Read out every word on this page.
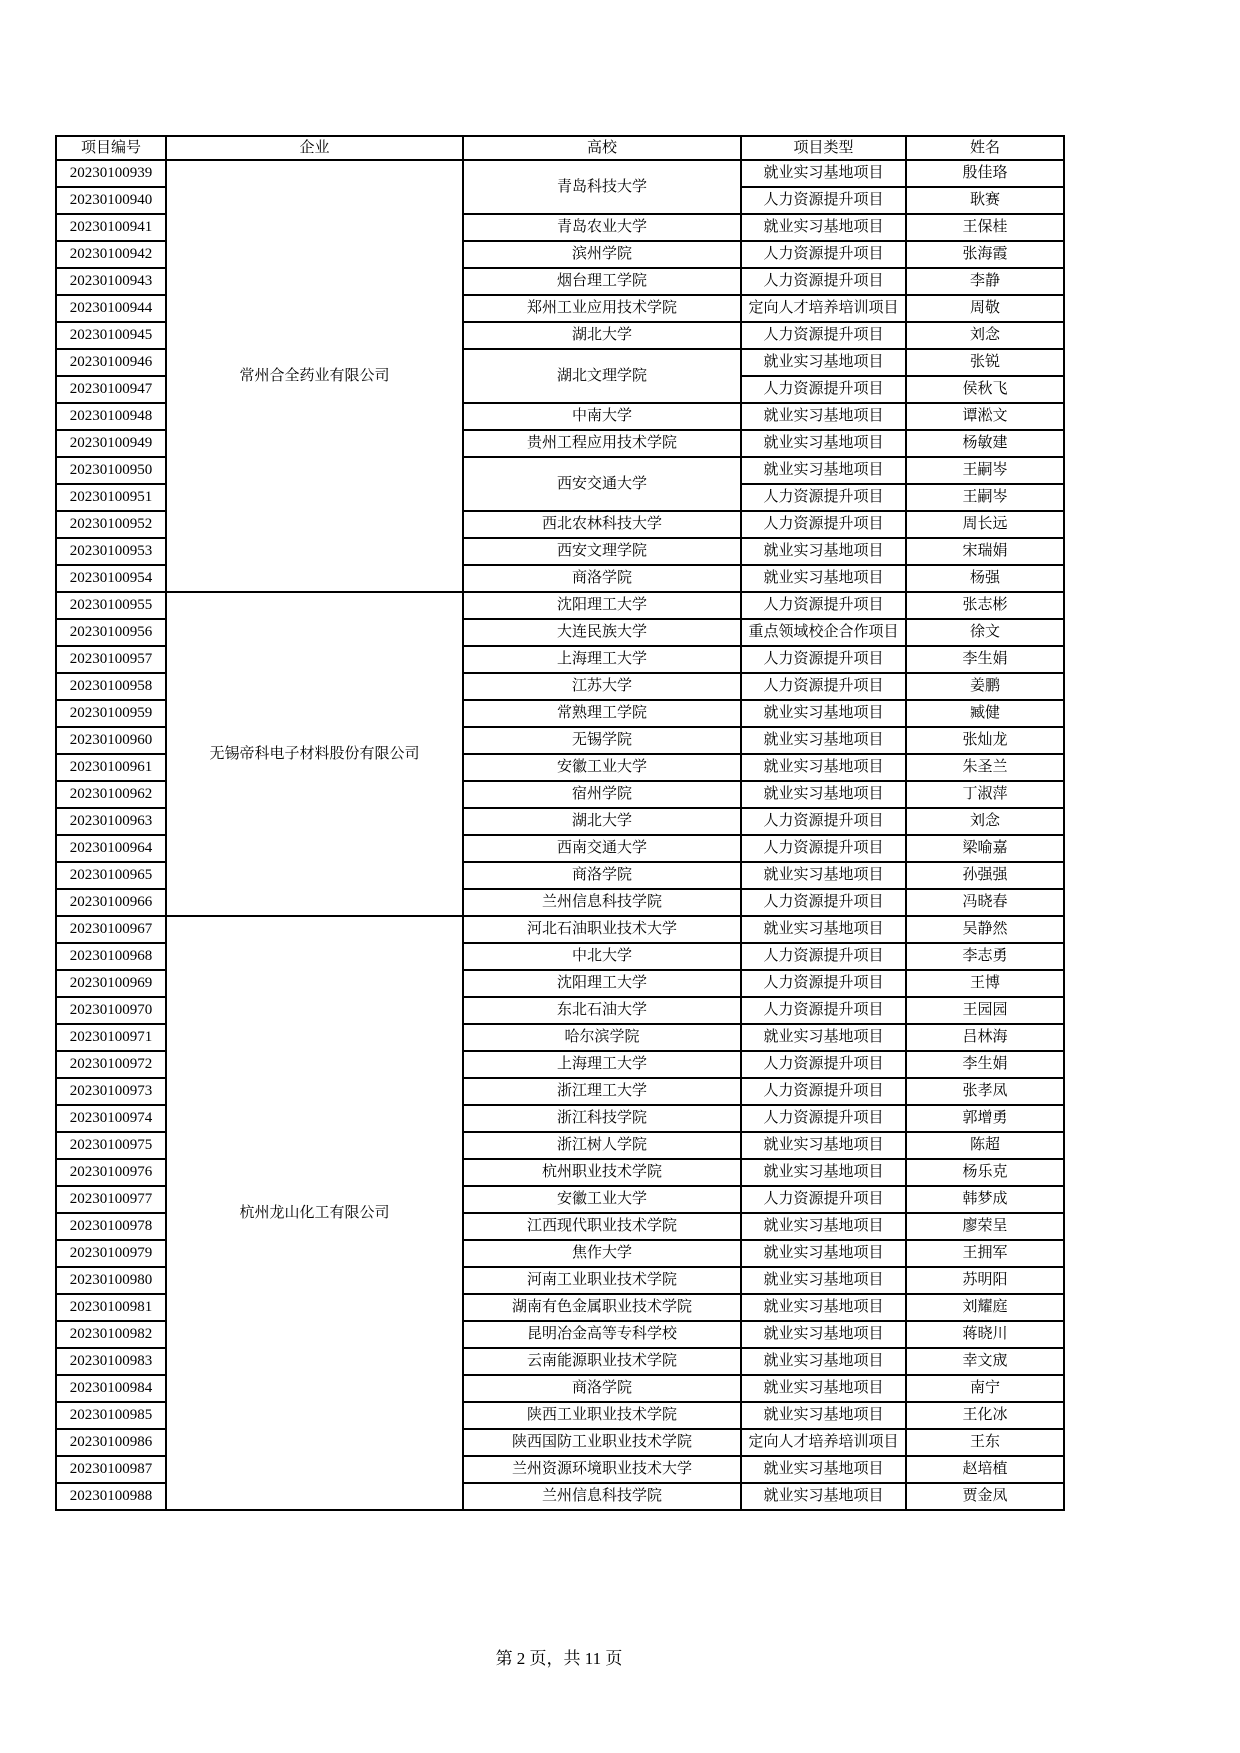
项目编号	企业	高校	项目类型	姓名
20230100939	常州合全药业有限公司	青岛科技大学	就业实习基地项目	殷佳珞
20230100940			人力资源提升项目	耿赛
20230100941		青岛农业大学	就业实习基地项目	王保桂
20230100942		滨州学院	人力资源提升项目	张海霞
20230100943		烟台理工学院	人力资源提升项目	李静
20230100944		郑州工业应用技术学院	定向人才培养培训项目	周敬
20230100945		湖北大学	人力资源提升项目	刘念
20230100946		湖北文理学院	就业实习基地项目	张锐
20230100947			人力资源提升项目	侯秋飞
20230100948		中南大学	就业实习基地项目	谭淞文
20230100949		贵州工程应用技术学院	就业实习基地项目	杨敏建
20230100950		西安交通大学	就业实习基地项目	王嗣岑
20230100951			人力资源提升项目	王嗣岑
20230100952		西北农林科技大学	人力资源提升项目	周长远
20230100953		西安文理学院	就业实习基地项目	宋瑞娟
20230100954		商洛学院	就业实习基地项目	杨强
20230100955	无锡帝科电子材料股份有限公司	沈阳理工大学	人力资源提升项目	张志彬
20230100956		大连民族大学	重点领域校企合作项目	徐文
20230100957		上海理工大学	人力资源提升项目	李生娟
20230100958		江苏大学	人力资源提升项目	姜鹏
20230100959		常熟理工学院	就业实习基地项目	臧健
20230100960		无锡学院	就业实习基地项目	张灿龙
20230100961		安徽工业大学	就业实习基地项目	朱圣兰
20230100962		宿州学院	就业实习基地项目	丁淑萍
20230100963		湖北大学	人力资源提升项目	刘念
20230100964		西南交通大学	人力资源提升项目	梁喻嘉
20230100965		商洛学院	就业实习基地项目	孙强强
20230100966		兰州信息科技学院	人力资源提升项目	冯晓春
20230100967	杭州龙山化工有限公司	河北石油职业技术大学	就业实习基地项目	吴静然
20230100968		中北大学	人力资源提升项目	李志勇
20230100969		沈阳理工大学	人力资源提升项目	王博
20230100970		东北石油大学	人力资源提升项目	王园园
20230100971		哈尔滨学院	就业实习基地项目	吕林海
20230100972		上海理工大学	人力资源提升项目	李生娟
20230100973		浙江理工大学	人力资源提升项目	张孝凤
20230100974		浙江科技学院	人力资源提升项目	郭增勇
20230100975		浙江树人学院	就业实习基地项目	陈超
20230100976		杭州职业技术学院	就业实习基地项目	杨乐克
20230100977		安徽工业大学	人力资源提升项目	韩梦成
20230100978		江西现代职业技术学院	就业实习基地项目	廖荣呈
20230100979		焦作大学	就业实习基地项目	王拥军
20230100980		河南工业职业技术学院	就业实习基地项目	苏明阳
20230100981		湖南有色金属职业技术学院	就业实习基地项目	刘耀庭
20230100982		昆明冶金高等专科学校	就业实习基地项目	蒋晓川
20230100983		云南能源职业技术学院	就业实习基地项目	幸文宬
20230100984		商洛学院	就业实习基地项目	南宁
20230100985		陕西工业职业技术学院	就业实习基地项目	王化冰
20230100986		陕西国防工业职业技术学院	定向人才培养培训项目	王东
20230100987		兰州资源环境职业技术大学	就业实习基地项目	赵培植
20230100988		兰州信息科技学院	就业实习基地项目	贾金凤
第 2 页，共 11 页
